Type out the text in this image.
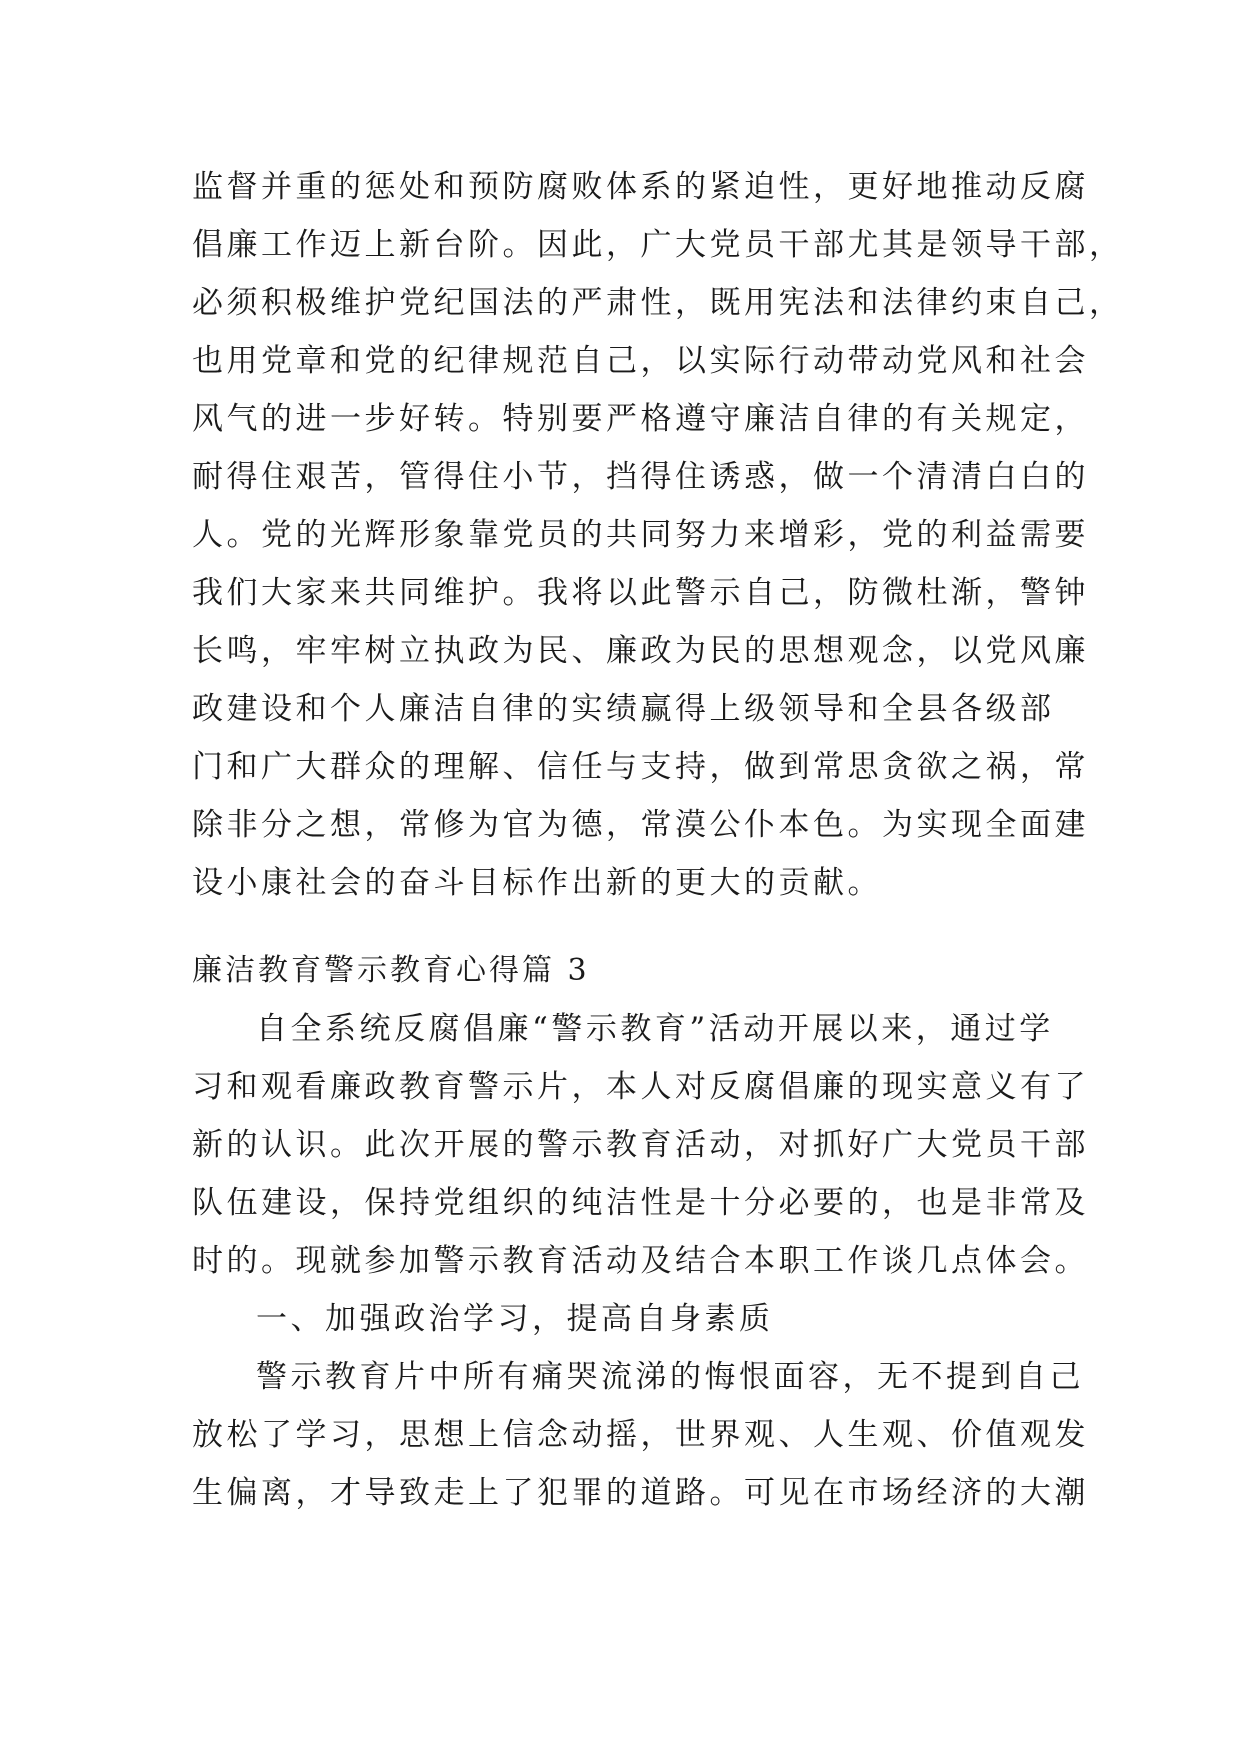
监督并重的惩处和预防腐败体系的紧迫性，更好地推动反腐
倡廉工作迈上新台阶。因此，广大党员干部尤其是领导干部，
必须积极维护党纪国法的严肃性，既用宪法和法律约束自己，
也用党章和党的纪律规范自己，以实际行动带动党风和社会
风气的进一步好转。特别要严格遵守廉洁自律的有关规定，
耐得住艰苦，管得住小节，挡得住诱惑，做一个清清白白的
人。党的光辉形象靠党员的共同努力来增彩，党的利益需要
我们大家来共同维护。我将以此警示自己，防微杜渐，警钟
长鸣，牢牢树立执政为民、廉政为民的思想观念，以党风廉
政建设和个人廉洁自律的实绩赢得上级领导和全县各级部
门和广大群众的理解、信任与支持，做到常思贪欲之祸，常
除非分之想，常修为官为德，常漠公仆本色。为实现全面建
设小康社会的奋斗目标作出新的更大的贡献。
廉洁教育警示教育心得篇 3
自全系统反腐倡廉“警示教育”活动开展以来，通过学
习和观看廉政教育警示片，本人对反腐倡廉的现实意义有了
新的认识。此次开展的警示教育活动，对抓好广大党员干部
队伍建设，保持党组织的纯洁性是十分必要的，也是非常及
时的。现就参加警示教育活动及结合本职工作谈几点体会。
一、加强政治学习，提高自身素质
警示教育片中所有痛哭流涕的悔恨面容，无不提到自己
放松了学习，思想上信念动摇，世界观、人生观、价值观发
生偏离，才导致走上了犯罪的道路。可见在市场经济的大潮
